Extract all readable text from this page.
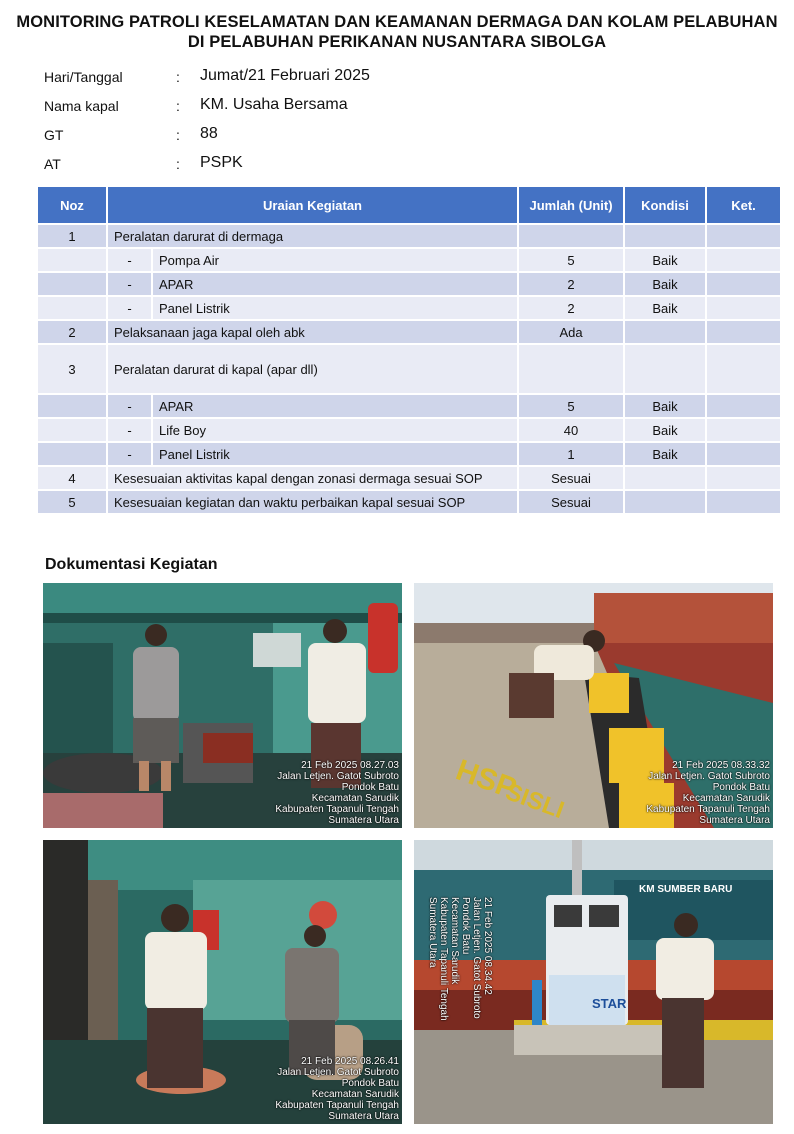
MONITORING PATROLI KESELAMATAN DAN KEAMANAN DERMAGA DAN KOLAM PELABUHAN
DI PELABUHAN PERIKANAN NUSANTARA SIBOLGA
Hari/Tanggal	: Jumat/21 Februari 2025
Nama kapal	: KM. Usaha Bersama
GT	: 88
AT	: PSPK
Noz	Uraian Kegiatan		Jumlah (Unit)	Kondisi	Ket.
1	Peralatan darurat di dermaga				
	-	Pompa Air	5	Baik	
	-	APAR	2	Baik	
	-	Panel Listrik	2	Baik	
2	Pelaksanaan jaga kapal oleh abk		Ada		
3	Peralatan darurat di kapal (apar dll)				
	-	APAR	5	Baik	
	-	Life Boy	40	Baik	
	-	Panel Listrik	1	Baik	
4	Kesesuaian aktivitas kapal dengan zonasi dermaga sesuai SOP		Sesuai		
5	Kesesuaian kegiatan dan waktu perbaikan kapal sesuai SOP		Sesuai		
Dokumentasi Kegiatan
21 Feb 2025 08.27.03
Jalan Letjen. Gatot Subroto
Pondok Batu
Kecamatan Sarudik
Kabupaten Tapanuli Tengah
Sumatera Utara
HSP
SISLI
21 Feb 2025 08.33.32
Jalan Letjen. Gatot Subroto
Pondok Batu
Kecamatan Sarudik
Kabupaten Tapanuli Tengah
Sumatera Utara
21 Feb 2025 08.26.41
Jalan Letjen. Gatot Subroto
Pondok Batu
Kecamatan Sarudik
Kabupaten Tapanuli Tengah
Sumatera Utara
KM SUMBER BARU
STAR
21 Feb 2025 08.34.42
Jalan Letjen. Gatot Subroto
Pondok Batu
Kecamatan Sarudik
Kabupaten Tapanuli Tengah
Sumatera Utara
